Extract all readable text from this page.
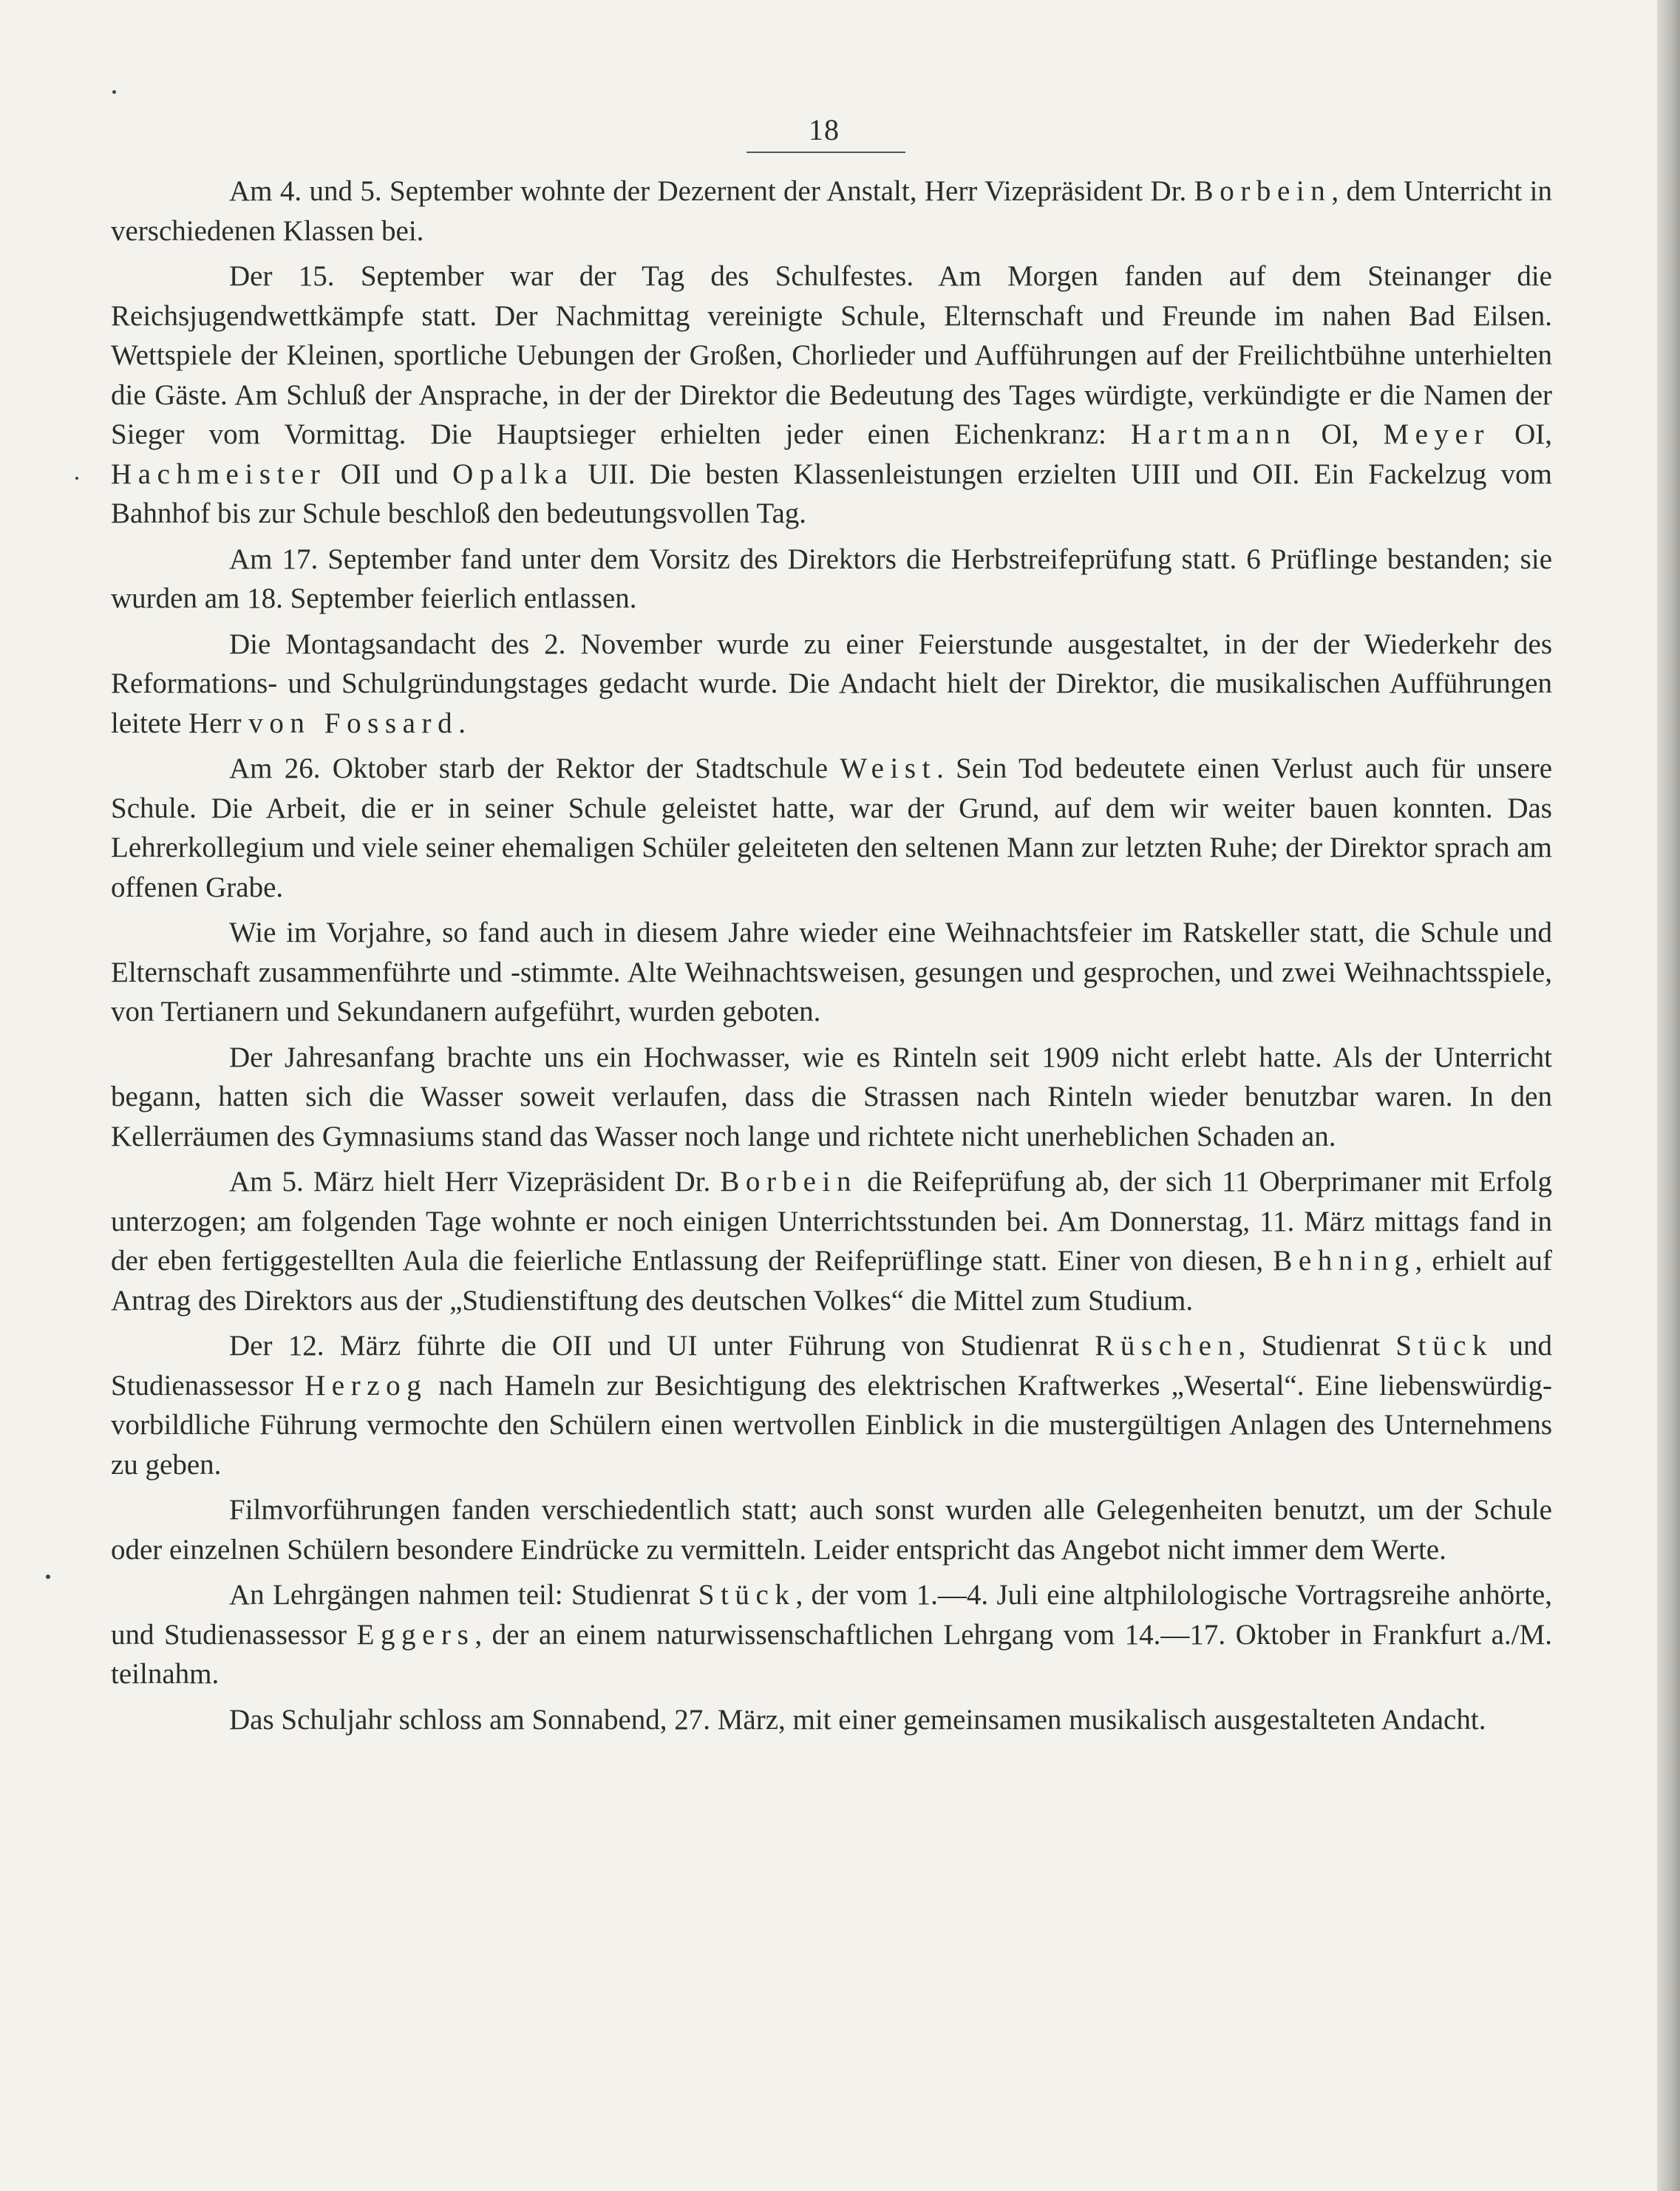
18

Am 4. und 5. September wohnte der Dezernent der Anstalt, Herr Vizepräsident Dr. Borbein, dem Unterricht in verschiedenen Klassen bei.

Der 15. September war der Tag des Schulfestes. Am Morgen fanden auf dem Steinanger die Reichsjugendwettkämpfe statt. Der Nachmittag vereinigte Schule, Elternschaft und Freunde im nahen Bad Eilsen. Wettspiele der Kleinen, sportliche Uebungen der Großen, Chorlieder und Aufführungen auf der Freilichtbühne unterhielten die Gäste. Am Schluß der Ansprache, in der der Direktor die Bedeutung des Tages würdigte, verkündigte er die Namen der Sieger vom Vormittag. Die Hauptsieger erhielten jeder einen Eichenkranz: Hartmann OI, Meyer OI, Hachmeister OII und Opalka UII. Die besten Klassenleistungen erzielten UIII und OII. Ein Fackelzug vom Bahnhof bis zur Schule beschloß den bedeutungsvollen Tag.

Am 17. September fand unter dem Vorsitz des Direktors die Herbstreifeprüfung statt. 6 Prüflinge bestanden; sie wurden am 18. September feierlich entlassen.

Die Montagsandacht des 2. November wurde zu einer Feierstunde ausgestaltet, in der der Wiederkehr des Reformations- und Schulgründungstages gedacht wurde. Die Andacht hielt der Direktor, die musikalischen Aufführungen leitete Herr von Fossard.

Am 26. Oktober starb der Rektor der Stadtschule Weist. Sein Tod bedeutete einen Verlust auch für unsere Schule. Die Arbeit, die er in seiner Schule geleistet hatte, war der Grund, auf dem wir weiter bauen konnten. Das Lehrerkollegium und viele seiner ehemaligen Schüler geleiteten den seltenen Mann zur letzten Ruhe; der Direktor sprach am offenen Grabe.

Wie im Vorjahre, so fand auch in diesem Jahre wieder eine Weihnachtsfeier im Ratskeller statt, die Schule und Elternschaft zusammenführte und -stimmte. Alte Weihnachtsweisen, gesungen und gesprochen, und zwei Weihnachtsspiele, von Tertianern und Sekundanern aufgeführt, wurden geboten.

Der Jahresanfang brachte uns ein Hochwasser, wie es Rinteln seit 1909 nicht erlebt hatte. Als der Unterricht begann, hatten sich die Wasser soweit verlaufen, dass die Strassen nach Rinteln wieder benutzbar waren. In den Kellerräumen des Gymnasiums stand das Wasser noch lange und richtete nicht unerheblichen Schaden an.

Am 5. März hielt Herr Vizepräsident Dr. Borbein die Reifeprüfung ab, der sich 11 Oberprimaner mit Erfolg unterzogen; am folgenden Tage wohnte er noch einigen Unterrichtsstunden bei. Am Donnerstag, 11. März mittags fand in der eben fertiggestellten Aula die feierliche Entlassung der Reifeprüflinge statt. Einer von diesen, Behning, erhielt auf Antrag des Direktors aus der „Studienstiftung des deutschen Volkes“ die Mittel zum Studium.

Der 12. März führte die OII und UI unter Führung von Studienrat Rüschen, Studienrat Stück und Studienassessor Herzog nach Hameln zur Besichtigung des elektrischen Kraftwerkes „Wesertal“. Eine liebenswürdig-vorbildliche Führung vermochte den Schülern einen wertvollen Einblick in die mustergültigen Anlagen des Unternehmens zu geben.

Filmvorführungen fanden verschiedentlich statt; auch sonst wurden alle Gelegenheiten benutzt, um der Schule oder einzelnen Schülern besondere Eindrücke zu vermitteln. Leider entspricht das Angebot nicht immer dem Werte.

An Lehrgängen nahmen teil: Studienrat Stück, der vom 1.—4. Juli eine altphilologische Vortragsreihe anhörte, und Studienassessor Eggers, der an einem naturwissenschaftlichen Lehrgang vom 14.—17. Oktober in Frankfurt a./M. teilnahm.

Das Schuljahr schloss am Sonnabend, 27. März, mit einer gemeinsamen musikalisch ausgestalteten Andacht.
